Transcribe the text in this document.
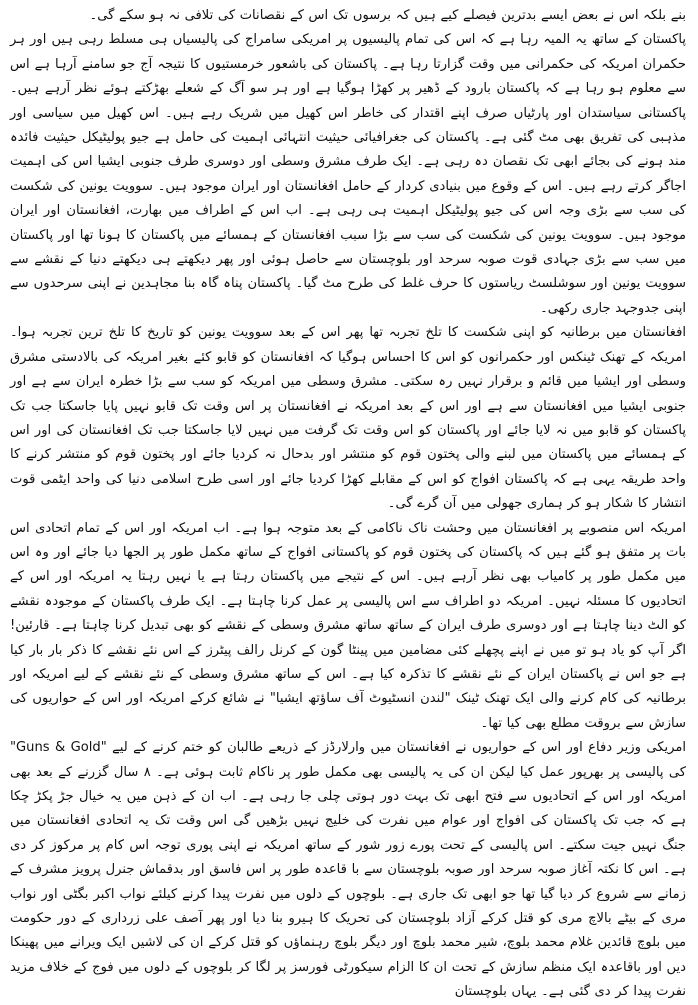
بنے بلکہ اس نے بعض ایسے بدترین فیصلے کیے ہیں کہ برسوں تک اس کے نقصانات کی تلافی نہ ہو سکے گی۔

پاکستان کے ساتھ یہ المیہ رہا ہے کہ اس کی تمام پالیسیوں پر امریکی سامراج کی پالیسیاں ہی مسلط رہی ہیں اور ہر حکمران امریکہ کی حکمرانی میں وقت گزارتا رہا ہے۔ پاکستان کی باشعور خرمستیوں کا نتیجہ آج جو سامنے آرہا ہے اس سے معلوم ہو رہا ہے کہ پاکستان بارود کے ڈھیر پر کھڑا ہوگیا ہے اور ہر سو آگ کے شعلے بھڑکتے ہوئے نظر آرہے ہیں۔ پاکستانی سیاستدان اور پارٹیاں صرف اپنے اقتدار کی خاطر اس کھیل میں شریک رہے ہیں۔ اس کھیل میں سیاسی اور مذہبی کی تفریق بھی مٹ گئی ہے۔ پاکستان کی جغرافیائی حیثیت انتہائی اہمیت کی حامل ہے جیو پولیٹیکل حیثیت فائدہ مند ہونے کی بجائے ابھی تک نقصان دہ رہی ہے۔ ایک طرف مشرق وسطی اور دوسری طرف جنوبی ایشیا اس کی اہمیت اجاگر کرتے رہے ہیں۔ اس کے وقوع میں بنیادی کردار کے حامل افغانستان اور ایران موجود ہیں۔ سوویت یونین کی شکست کی سب سے بڑی وجہ اس کی جیو پولیٹیکل اہمیت ہی رہی ہے۔ اب اس کے اطراف میں بھارت، افغانستان اور ایران موجود ہیں۔ سوویت یونین کی شکست کی سب سے بڑا سبب افغانستان کے ہمسائے میں پاکستان کا ہونا تھا اور پاکستان میں سب سے بڑی جہادی قوت صوبہ سرحد اور بلوچستان سے حاصل ہوئی اور پھر دیکھتے ہی دیکھتے دنیا کے نقشے سے سوویت یونین اور سوشلسٹ ریاستوں کا حرف غلط کی طرح مٹ گیا۔ پاکستان پناہ گاہ بنا مجاہدین نے اپنی سرحدوں سے اپنی جدوجہد جاری رکھی۔

افغانستان میں برطانیہ کو اپنی شکست کا تلخ تجربہ تھا پھر اس کے بعد سوویت یونین کو تاریخ کا تلخ ترین تجربہ ہوا۔ امریکہ کے تھنک ٹینکس اور حکمرانوں کو اس کا احساس ہوگیا کہ افغانستان کو قابو کئے بغیر امریکہ کی بالادستی مشرق وسطی اور ایشیا میں قائم و برقرار نہیں رہ سکتی۔ مشرق وسطی میں امریکہ کو سب سے بڑا خطرہ ایران سے ہے اور جنوبی ایشیا میں افغانستان سے ہے اور اس کے بعد امریکہ نے افغانستان پر اس وقت تک قابو نہیں پایا جاسکتا جب تک پاکستان کو قابو میں نہ لایا جائے اور پاکستان کو اس وقت تک گرفت میں نہیں لایا جاسکتا جب تک افغانستان کی اور اس کے ہمسائے میں پاکستان میں لبنے والی پختون قوم کو منتشر اور بدحال نہ کردیا جائے اور پختون قوم کو منتشر کرنے کا واحد طریقہ یہی ہے کہ پاکستان افواج کو اس کے مقابلے کھڑا کردیا جائے اور اسی طرح اسلامی دنیا کی واحد ایٹمی قوت انتشار کا شکار ہو کر ہماری جھولی میں آن گرے گی۔

امریکہ اس منصوبے پر افغانستان میں وحشت ناک ناکامی کے بعد متوجہ ہوا ہے۔ اب امریکہ اور اس کے تمام اتحادی اس بات پر متفق ہو گئے ہیں کہ پاکستان کی پختون قوم کو پاکستانی افواج کے ساتھ مکمل طور پر الجھا دیا جائے اور وہ اس میں مکمل طور پر کامیاب بھی نظر آرہے ہیں۔ اس کے نتیجے میں پاکستان رہتا ہے یا نہیں رہتا یہ امریکہ اور اس کے اتحادیوں کا مسئلہ نہیں۔ امریکہ دو اطراف سے اس پالیسی پر عمل کرنا چاہتا ہے۔ ایک طرف پاکستان کے موجودہ نقشے کو الٹ دینا چاہتا ہے اور دوسری طرف ایران کے ساتھ ساتھ مشرق وسطی کے نقشے کو بھی تبدیل کرنا چاہتا ہے۔ قارئین! اگر آپ کو یاد ہو تو میں نے اپنے پچھلے کئی مضامین میں پینٹا گون کے کرنل رالف پیٹرز کے اس نئے نقشے کا ذکر بار بار کیا ہے جو اس نے پاکستان ایران کے نئے نقشے کا تذکرہ کیا ہے۔ اس کے ساتھ مشرق وسطی کے نئے نقشے کے لیے امریکہ اور برطانیہ کی کام کرنے والی ایک تھنک ٹینک "لندن انسٹیوٹ آف ساؤتھ ایشیا" نے شائع کرکے امریکہ اور اس کے حواریوں کی سازش سے بروقت مطلع بھی کیا تھا۔

امریکی وزیر دفاع اور اس کے حواریوں نے افغانستان میں وارلارڈز کے ذریعے طالبان کو ختم کرنے کے لیے "Guns & Gold" کی پالیسی پر بھرپور عمل کیا لیکن ان کی یہ پالیسی بھی مکمل طور پر ناکام ثابت ہوئی ہے۔ ۸ سال گزرنے کے بعد بھی امریکہ اور اس کے اتحادیوں سے فتح ابھی تک بہت دور ہوتی چلی جا رہی ہے۔ اب ان کے ذہن میں یہ خیال جڑ پکڑ چکا ہے کہ جب تک پاکستان کی افواج اور عوام میں نفرت کی خلیج نہیں بڑھیں گی اس وقت تک یہ اتحادی افغانستان میں جنگ نہیں جیت سکتے۔ اس پالیسی کے تحت پورے زور شور کے ساتھ امریکہ نے اپنی پوری توجہ اس کام پر مرکوز کر دی ہے۔ اس کا نکتہ آغاز صوبہ سرحد اور صوبہ بلوچستان سے با قاعدہ طور پر اس فاسق اور بدقماش جنرل پرویز مشرف کے زمانے سے شروع کر دیا گیا تھا جو ابھی تک جاری ہے۔ بلوچوں کے دلوں میں نفرت پیدا کرنے کیلئے نواب اکبر بگٹی اور نواب مری کے بیٹے بالاچ مری کو قتل کرکے آزاد بلوچستان کی تحریک کا ہیرو بنا دیا اور پھر آصف علی زرداری کے دور حکومت میں بلوچ قائدین غلام محمد بلوچ، شیر محمد بلوچ اور دیگر بلوچ رہنماؤں کو قتل کرکے ان کی لاشیں ایک ویرانے میں پھینکا دیں اور باقاعدہ ایک منظم سازش کے تحت ان کا الزام سیکورٹی فورسز پر لگا کر بلوچوں کے دلوں میں فوج کے خلاف مزید نفرت پیدا کر دی گئی ہے۔ یہاں بلوچستان
